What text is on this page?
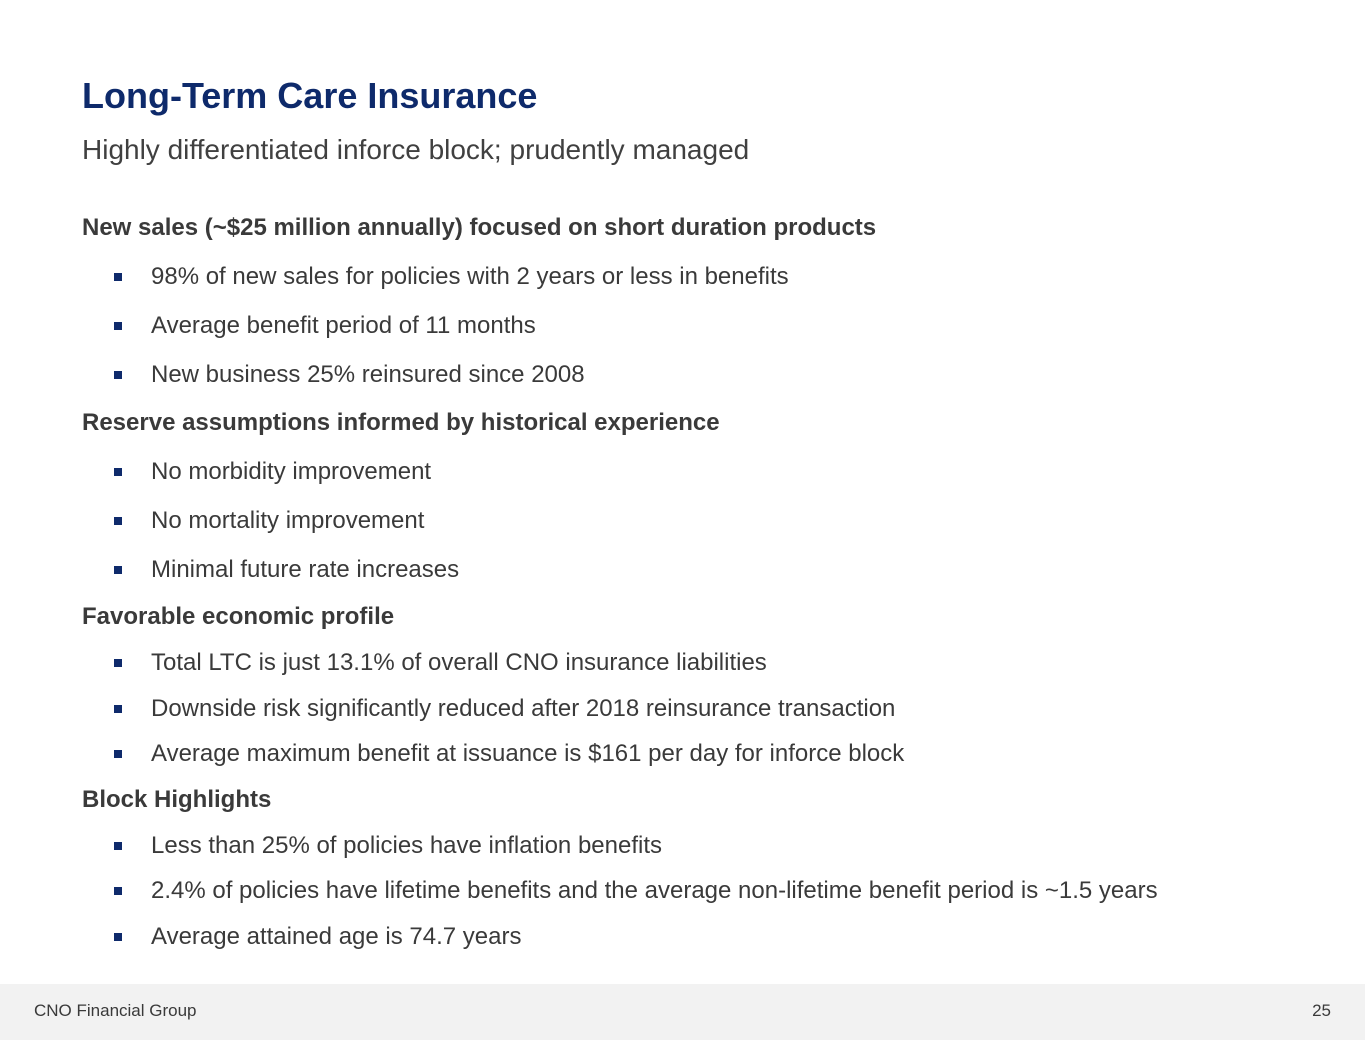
Long-Term Care Insurance

Highly differentiated inforce block; prudently managed

New sales (~$25 million annually) focused on short duration products

98% of new sales for policies with 2 years or less in benefits
Average benefit period of 11 months
New business 25% reinsured since 2008

Reserve assumptions informed by historical experience

No morbidity improvement
No mortality improvement
Minimal future rate increases

Favorable economic profile

Total LTC is just 13.1% of overall CNO insurance liabilities
Downside risk significantly reduced after 2018 reinsurance transaction
Average maximum benefit at issuance is $161 per day for inforce block

Block Highlights

Less than 25% of policies have inflation benefits
2.4% of policies have lifetime benefits and the average non-lifetime benefit period is ~1.5 years
Average attained age is 74.7 years
CNO Financial Group	25
